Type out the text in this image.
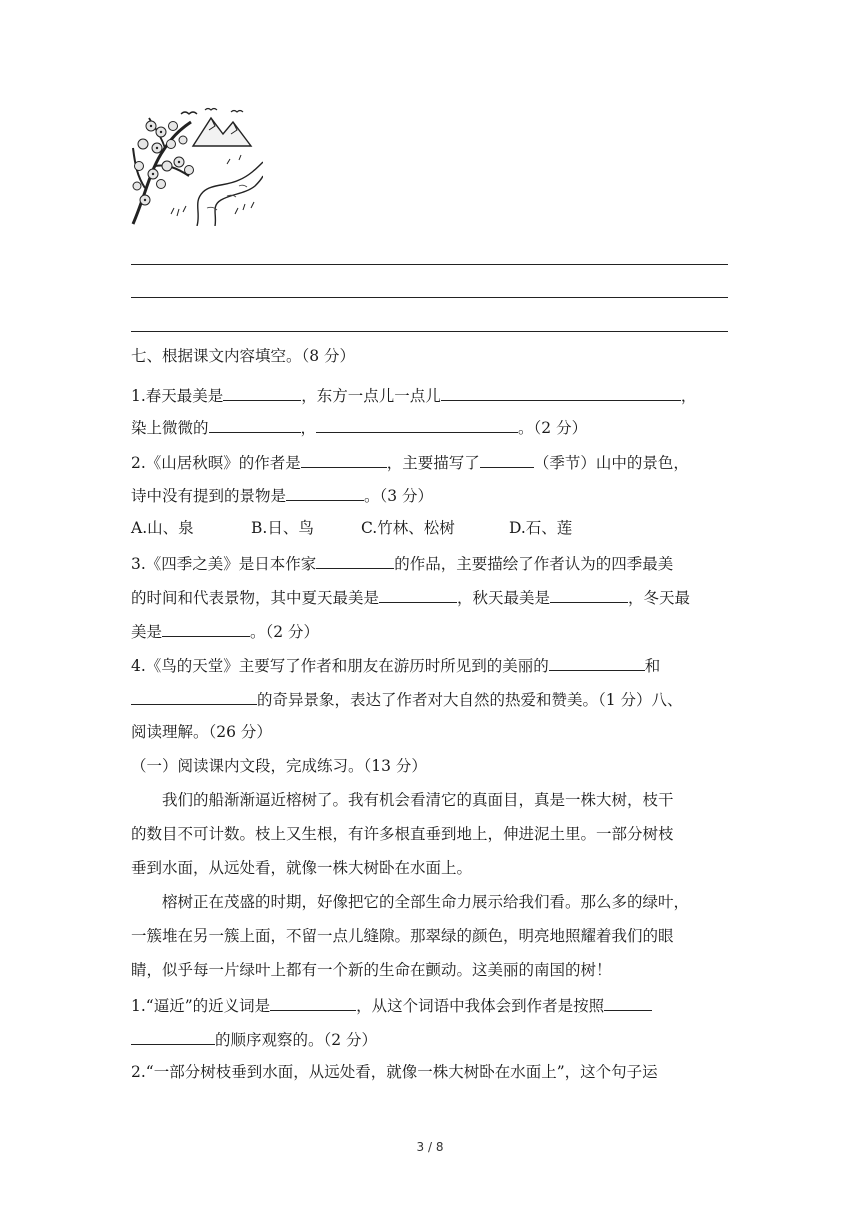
七、根据课文内容填空。（8 分）
1.春天最美是	，东方一点儿一点儿	，
染上微微的	，	。（2 分）
2.《山居秋暝》的作者是	，主要描写了	（季节）山中的景色，
诗中没有提到的景物是	。（3 分）
A.山、泉	B.日、鸟	C.竹林、松树	D.石、莲
3.《四季之美》是日本作家	的作品，主要描绘了作者认为的四季最美
的时间和代表景物，其中夏天最美是	，秋天最美是	，冬天最
美是	。（2 分）
4.《鸟的天堂》主要写了作者和朋友在游历时所见到的美丽的	和
的奇异景象，表达了作者对大自然的热爱和赞美。（1 分）八、
阅读理解。（26 分）
（一）阅读课内文段，完成练习。（13 分）
我们的船渐渐逼近榕树了。我有机会看清它的真面目，真是一株大树，枝干
的数目不可计数。枝上又生根，有许多根直垂到地上，伸进泥土里。一部分树枝
垂到水面，从远处看，就像一株大树卧在水面上。
榕树正在茂盛的时期，好像把它的全部生命力展示给我们看。那么多的绿叶，
一簇堆在另一簇上面，不留一点儿缝隙。那翠绿的颜色，明亮地照耀着我们的眼
睛，似乎每一片绿叶上都有一个新的生命在颤动。这美丽的南国的树！
1.“逼近”的近义词是	，从这个词语中我体会到作者是按照
的顺序观察的。（2 分）
2.“一部分树枝垂到水面，从远处看，就像一株大树卧在水面上”，这个句子运
3 / 8
